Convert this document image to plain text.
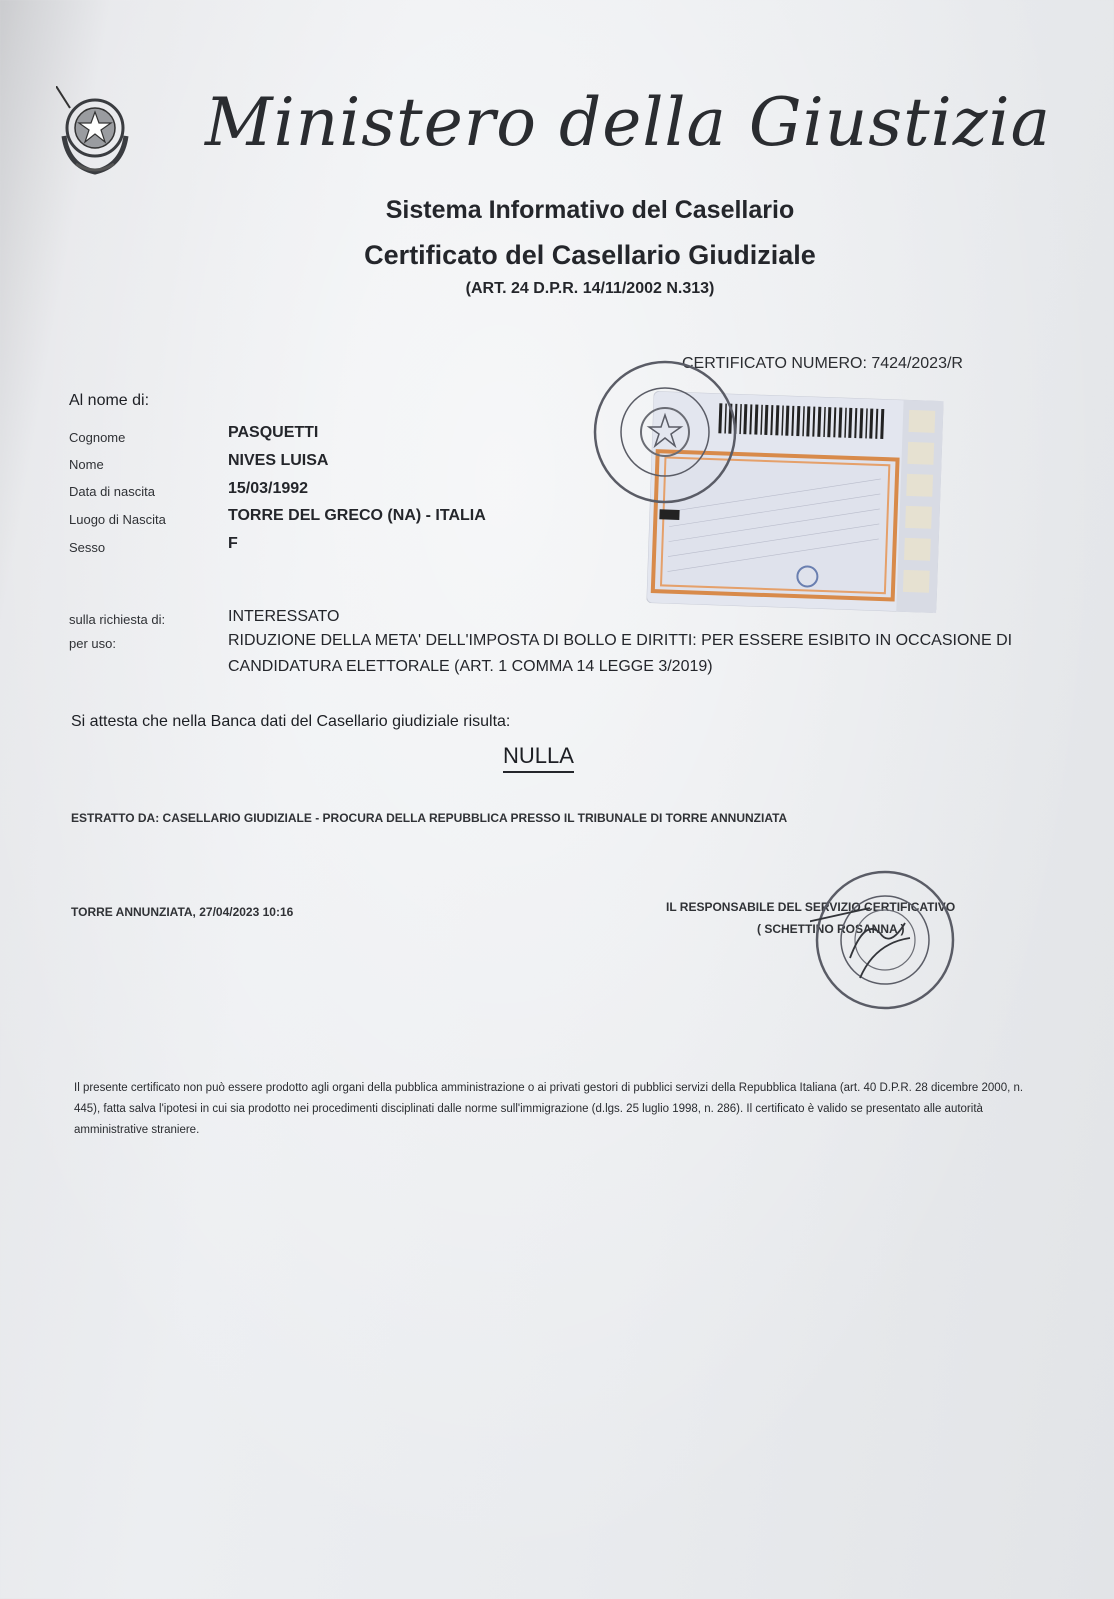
Ministero della Giustizia
Sistema Informativo del Casellario
Certificato del Casellario Giudiziale
(ART. 24 D.P.R. 14/11/2002 N.313)
CERTIFICATO NUMERO: 7424/2023/R
Al nome di:
Cognome	PASQUETTI
Nome	NIVES LUISA
Data di nascita	15/03/1992
Luogo di Nascita	TORRE DEL GRECO (NA) - ITALIA
Sesso	F
sulla richiesta di:	INTERESSATO
per uso:	RIDUZIONE DELLA META' DELL'IMPOSTA DI BOLLO E DIRITTI: PER ESSERE ESIBITO IN OCCASIONE DI CANDIDATURA ELETTORALE (ART. 1 COMMA 14 LEGGE 3/2019)
Si attesta che nella Banca dati del Casellario giudiziale risulta:
NULLA
ESTRATTO DA: CASELLARIO GIUDIZIALE - PROCURA DELLA REPUBBLICA PRESSO IL TRIBUNALE DI TORRE ANNUNZIATA
TORRE ANNUNZIATA, 27/04/2023 10:16	IL RESPONSABILE DEL SERVIZIO CERTIFICATIVO
( SCHETTINO ROSANNA )
Il presente certificato non può essere prodotto agli organi della pubblica amministrazione o ai privati gestori di pubblici servizi della Repubblica Italiana (art. 40 D.P.R. 28 dicembre 2000, n. 445), fatta salva l'ipotesi in cui sia prodotto nei procedimenti disciplinati dalle norme sull'immigrazione (d.lgs. 25 luglio 1998, n. 286). Il certificato è valido se presentato alle autorità amministrative straniere.
